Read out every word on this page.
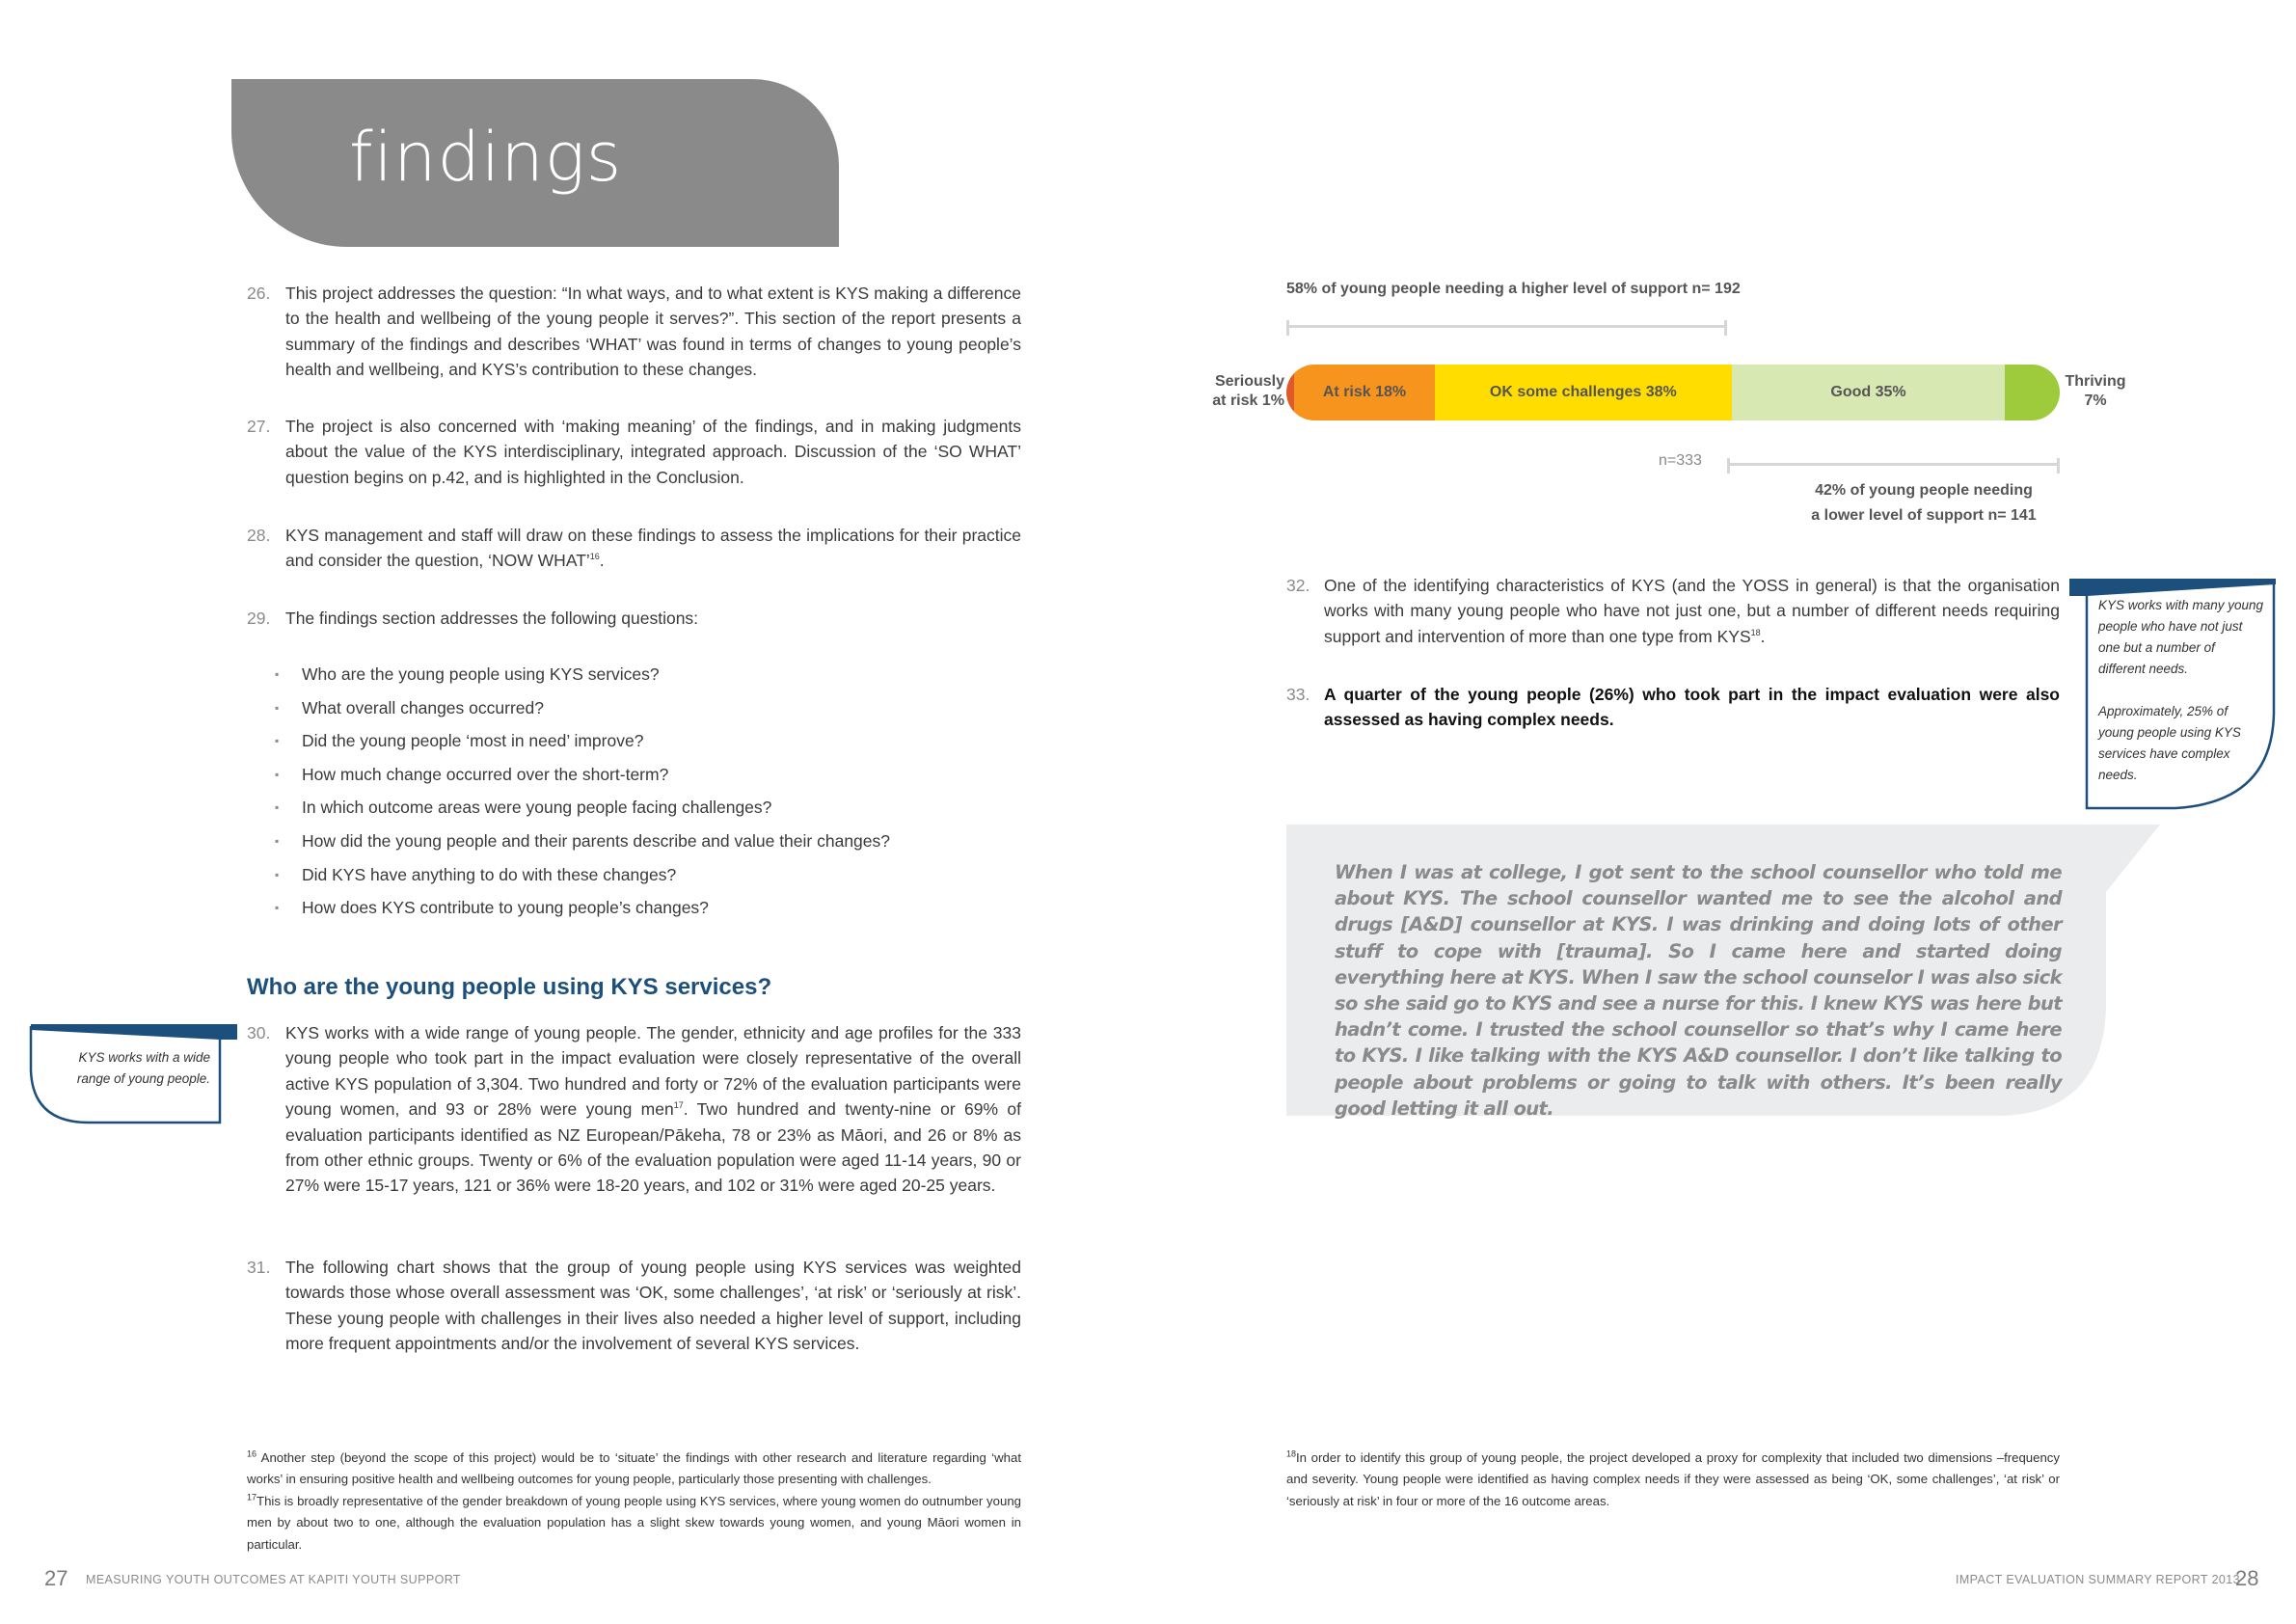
findings
26. This project addresses the question: “In what ways, and to what extent is KYS making a difference to the health and wellbeing of the young people it serves?”. This section of the report presents a summary of the findings and describes ‘WHAT’ was found in terms of changes to young people’s health and wellbeing, and KYS’s contribution to these changes.
27. The project is also concerned with ‘making meaning’ of the findings, and in making judgments about the value of the KYS interdisciplinary, integrated approach. Discussion of the ‘SO WHAT’ question begins on p.42, and is highlighted in the Conclusion.
28. KYS management and staff will draw on these findings to assess the implications for their practice and consider the question, ‘NOW WHAT’$^{16}$.
29. The findings section addresses the following questions:
▪ Who are the young people using KYS services?
▪ What overall changes occurred?
▪ Did the young people ‘most in need’ improve?
▪ How much change occurred over the short-term?
▪ In which outcome areas were young people facing challenges?
▪ How did the young people and their parents describe and value their changes?
▪ Did KYS have anything to do with these changes?
▪ How does KYS contribute to young people’s changes?
Who are the young people using KYS services?
KYS works with a wide range of young people.
30. KYS works with a wide range of young people. The gender, ethnicity and age profiles for the 333 young people who took part in the impact evaluation were closely representative of the overall active KYS population of 3,304. Two hundred and forty or 72% of the evaluation participants were young women, and 93 or 28% were young men$^{17}$. Two hundred and twenty-nine or 69% of evaluation participants identified as NZ European/Pākeha, 78 or 23% as Māori, and 26 or 8% as from other ethnic groups. Twenty or 6% of the evaluation population were aged 11-14 years, 90 or 27% were 15-17 years, 121 or 36% were 18-20 years, and 102 or 31% were aged 20-25 years.
31. The following chart shows that the group of young people using KYS services was weighted towards those whose overall assessment was ‘OK, some challenges’, ‘at risk’ or ‘seriously at risk’. These young people with challenges in their lives also needed a higher level of support, including more frequent appointments and/or the involvement of several KYS services.
$^{16}$ Another step (beyond the scope of this project) would be to ‘situate’ the findings with other research and literature regarding ‘what works’ in ensuring positive health and wellbeing outcomes for young people, particularly those presenting with challenges.
$^{17}$This is broadly representative of the gender breakdown of young people using KYS services, where young women do outnumber young men by about two to one, although the evaluation population has a slight skew towards young women, and young Māori women in particular.
27 MEASURING YOUTH OUTCOMES AT KAPITI YOUTH SUPPORT
58% of young people needing a higher level of support n= 192
Seriously
at risk 1%
At risk 18%	OK some challenges 38%	Good 35%
Thriving
7%
n=333
42% of young people needing
a lower level of support n= 141
32. One of the identifying characteristics of KYS (and the YOSS in general) is that the organisation works with many young people who have not just one, but a number of different needs requiring support and intervention of more than one type from KYS$^{18}$.
33. A quarter of the young people (26%) who took part in the impact evaluation were also assessed as having complex needs.
KYS works with many young people who have not just one but a number of different needs.
Approximately, 25% of young people using KYS services have complex needs.
When I was at college, I got sent to the school counsellor who told me about KYS. The school counsellor wanted me to see the alcohol and drugs [A&D] counsellor at KYS. I was drinking and doing lots of other stuff to cope with [trauma]. So I came here and started doing everything here at KYS. When I saw the school counselor I was also sick so she said go to KYS and see a nurse for this. I knew KYS was here but hadn’t come. I trusted the school counsellor so that’s why I came here to KYS. I like talking with the KYS A&D counsellor. I don’t like talking to people about problems or going to talk with others. It’s been really good letting it all out.
$^{18}$In order to identify this group of young people, the project developed a proxy for complexity that included two dimensions –frequency and severity. Young people were identified as having complex needs if they were assessed as being ‘OK, some challenges’, ‘at risk’ or ‘seriously at risk’ in four or more of the 16 outcome areas.
IMPACT EVALUATION SUMMARY REPORT 2013
28
